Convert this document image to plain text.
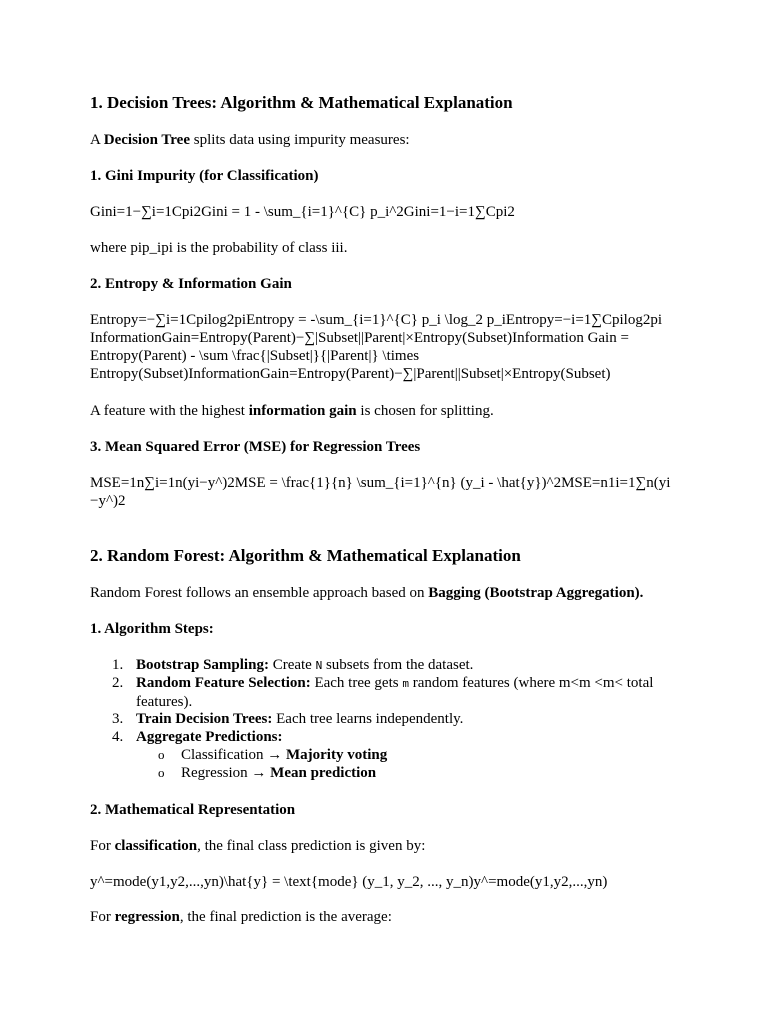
1. Decision Trees: Algorithm & Mathematical Explanation
A Decision Tree splits data using impurity measures:
1. Gini Impurity (for Classification)
Gini=1−∑i=1Cpi2Gini = 1 - \sum_{i=1}^{C} p_i^2Gini=1−i=1∑Cpi2
where pip_ipi is the probability of class iii.
2. Entropy & Information Gain
Entropy=−∑i=1Cpilog2piEntropy = -\sum_{i=1}^{C} p_i \log_2 p_iEntropy=−i=1∑Cpilog2pi
InformationGain=Entropy(Parent)−∑|Subset||Parent|×Entropy(Subset)Information Gain =
Entropy(Parent) - \sum \frac{|Subset|}{|Parent|} \times
Entropy(Subset)InformationGain=Entropy(Parent)−∑|Parent||Subset|×Entropy(Subset)
A feature with the highest information gain is chosen for splitting.
3. Mean Squared Error (MSE) for Regression Trees
MSE=1n∑i=1n(yi−y^)2MSE = \frac{1}{n} \sum_{i=1}^{n} (y_i - \hat{y})^2MSE=n1i=1∑n(yi
−y^)2
2. Random Forest: Algorithm & Mathematical Explanation
Random Forest follows an ensemble approach based on Bagging (Bootstrap Aggregation).
1. Algorithm Steps:
1. Bootstrap Sampling: Create N subsets from the dataset.
2. Random Feature Selection: Each tree gets m random features (where m<m <m< total
features).
3. Train Decision Trees: Each tree learns independently.
4. Aggregate Predictions:
o Classification → Majority voting
o Regression → Mean prediction
2. Mathematical Representation
For classification, the final class prediction is given by:
y^=mode(y1,y2,...,yn)\hat{y} = \text{mode} (y_1, y_2, ..., y_n)y^=mode(y1,y2,...,yn)
For regression, the final prediction is the average:
